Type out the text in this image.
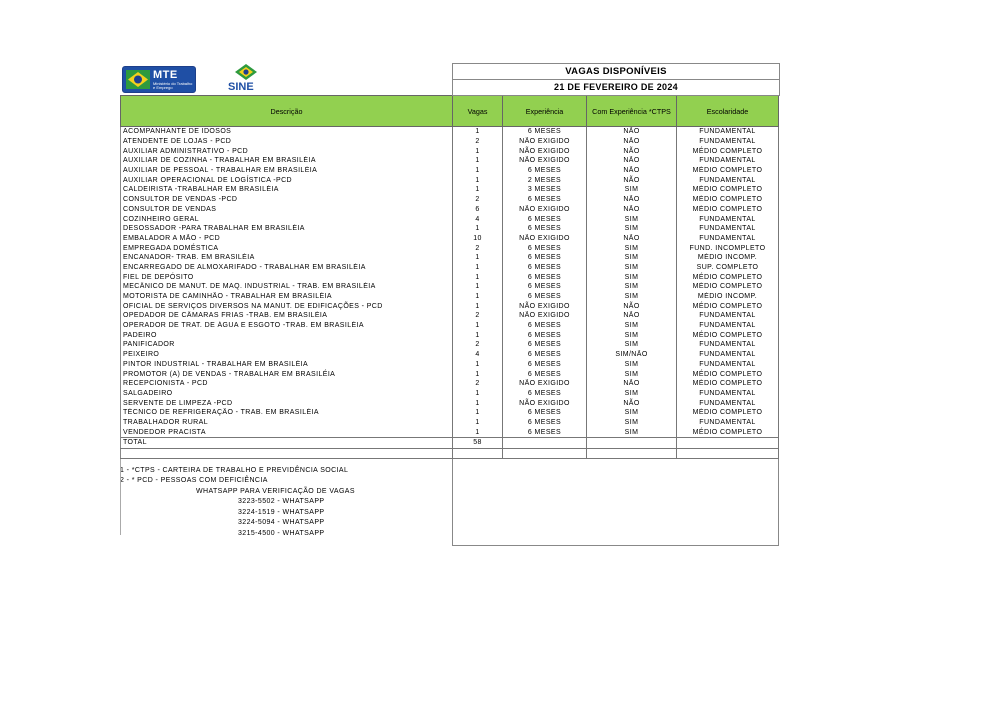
MTE
Ministério do Trabalho e Emprego	SINE
VAGAS DISPONÍVEIS
21 DE FEVEREIRO DE 2024
Descrição	Vagas	Experiência	Com Experiência *CTPS	Escolaridade
ACOMPANHANTE DE IDOSOS	1	6 MESES	NÃO	FUNDAMENTAL
ATENDENTE DE LOJAS - PCD	2	NÃO EXIGIDO	NÃO	FUNDAMENTAL
AUXILIAR ADMINISTRATIVO - PCD	1	NÃO EXIGIDO	NÃO	MÉDIO COMPLETO
AUXILIAR DE COZINHA - TRABALHAR EM BRASILÉIA	1	NÃO EXIGIDO	NÃO	FUNDAMENTAL
AUXILIAR DE PESSOAL - TRABALHAR EM BRASILÉIA	1	6 MESES	NÃO	MÉDIO COMPLETO
AUXILIAR OPERACIONAL DE LOGÍSTICA -PCD	1	2 MESES	NÃO	FUNDAMENTAL
CALDEIRISTA -TRABALHAR EM BRASILÉIA	1	3 MESES	SIM	MÉDIO COMPLETO
CONSULTOR DE VENDAS -PCD	2	6 MESES	NÃO	MÉDIO COMPLETO
CONSULTOR DE VENDAS	6	NÃO EXIGIDO	NÃO	MÉDIO COMPLETO
COZINHEIRO GERAL	4	6 MESES	SIM	FUNDAMENTAL
DESOSSADOR -PARA TRABALHAR EM BRASILÉIA	1	6 MESES	SIM	FUNDAMENTAL
EMBALADOR A MÃO - PCD	10	NÃO EXIGIDO	NÃO	FUNDAMENTAL
EMPREGADA DOMÉSTICA	2	6 MESES	SIM	FUND. INCOMPLETO
ENCANADOR- TRAB. EM BRASILÉIA	1	6 MESES	SIM	MÉDIO INCOMP.
ENCARREGADO DE ALMOXARIFADO - TRABALHAR EM BRASILÉIA	1	6 MESES	SIM	SUP. COMPLETO
FIEL DE DEPÓSITO	1	6 MESES	SIM	MÉDIO COMPLETO
MECÂNICO DE MANUT. DE MAQ. INDUSTRIAL - TRAB. EM BRASILÉIA	1	6 MESES	SIM	MÉDIO COMPLETO
MOTORISTA DE CAMINHÃO - TRABALHAR EM BRASILÉIA	1	6 MESES	SIM	MÉDIO INCOMP.
OFICIAL DE SERVIÇOS DIVERSOS NA MANUT. DE EDIFICAÇÕES - PCD	1	NÃO EXIGIDO	NÃO	MÉDIO COMPLETO
OPEDADOR DE CÂMARAS FRIAS -TRAB. EM BRASILÉIA	2	NÃO EXIGIDO	NÃO	FUNDAMENTAL
OPERADOR DE TRAT. DE ÁGUA E ESGOTO -TRAB. EM BRASILÉIA	1	6 MESES	SIM	FUNDAMENTAL
PADEIRO	1	6 MESES	SIM	MÉDIO COMPLETO
PANIFICADOR	2	6 MESES	SIM	FUNDAMENTAL
PEIXEIRO	4	6 MESES	SIM/NÃO	FUNDAMENTAL
PINTOR INDUSTRIAL - TRABALHAR EM BRASILÉIA	1	6 MESES	SIM	FUNDAMENTAL
PROMOTOR (A) DE VENDAS - TRABALHAR EM BRASILÉIA	1	6 MESES	SIM	MÉDIO COMPLETO
RECEPCIONISTA - PCD	2	NÃO EXIGIDO	NÃO	MÉDIO COMPLETO
SALGADEIRO	1	6 MESES	SIM	FUNDAMENTAL
SERVENTE DE LIMPEZA -PCD	1	NÃO EXIGIDO	NÃO	FUNDAMENTAL
TÉCNICO DE REFRIGERAÇÃO - TRAB. EM BRASILÉIA	1	6 MESES	SIM	MÉDIO COMPLETO
TRABALHADOR RURAL	1	6 MESES	SIM	FUNDAMENTAL
VENDEDOR PRACISTA	1	6 MESES	SIM	MÉDIO COMPLETO
TOTAL	58			

1 - *CTPS - CARTEIRA DE TRABALHO E PREVIDÊNCIA SOCIAL
2 - * PCD - PESSOAS COM DEFICIÊNCIA
WHATSAPP PARA VERIFICAÇÃO DE VAGAS
3223-5502 - WHATSAPP
3224-1519 - WHATSAPP
3224-5094 - WHATSAPP
3215-4500 - WHATSAPP
